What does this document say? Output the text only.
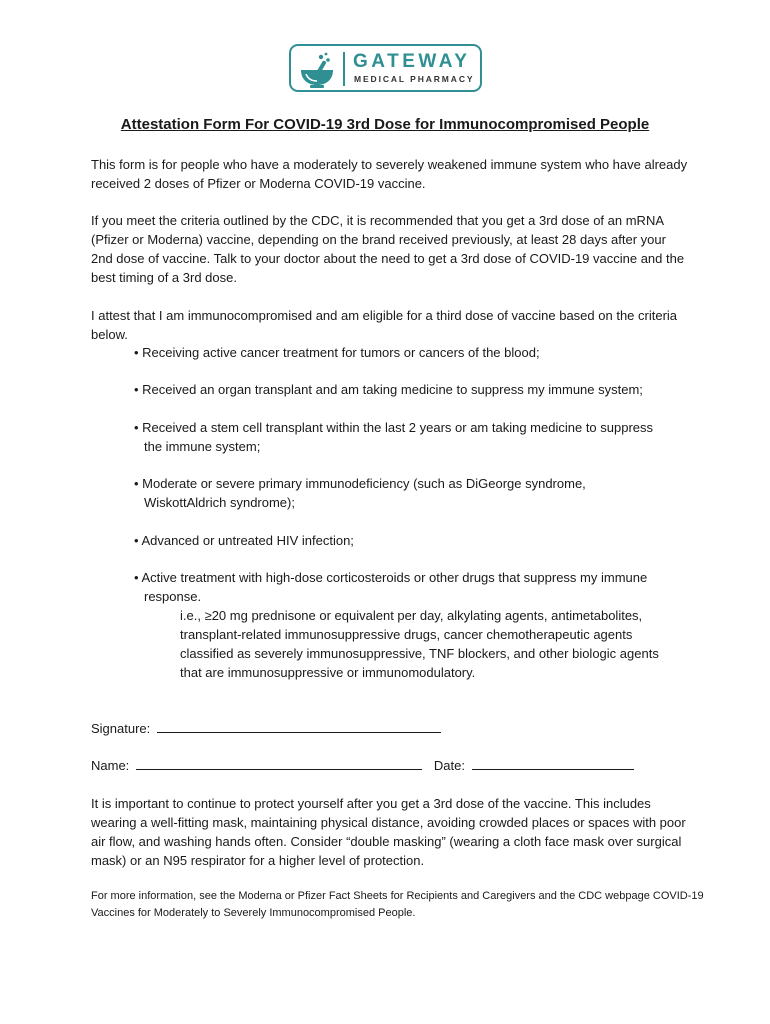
GATEWAY
MEDICAL PHARMACY
Attestation Form For COVID-19 3rd Dose for Immunocompromised People

This form is for people who have a moderately to severely weakened immune system who have already received 2 doses of Pfizer or Moderna COVID-19 vaccine.

If you meet the criteria outlined by the CDC, it is recommended that you get a 3rd dose of an mRNA (Pfizer or Moderna) vaccine, depending on the brand received previously, at least 28 days after your 2nd dose of vaccine. Talk to your doctor about the need to get a 3rd dose of COVID-19 vaccine and the best timing of a 3rd dose.

I attest that I am immunocompromised and am eligible for a third dose of vaccine based on the criteria below.

• Receiving active cancer treatment for tumors or cancers of the blood;

• Received an organ transplant and am taking medicine to suppress my immune system;

• Received a stem cell transplant within the last 2 years or am taking medicine to suppress the immune system;

• Moderate or severe primary immunodeficiency (such as DiGeorge syndrome, WiskottAldrich syndrome);

• Advanced or untreated HIV infection;

• Active treatment with high-dose corticosteroids or other drugs that suppress my immune response.

i.e., ≥20 mg prednisone or equivalent per day, alkylating agents, antimetabolites, transplant-related immunosuppressive drugs, cancer chemotherapeutic agents classified as severely immunosuppressive, TNF blockers, and other biologic agents that are immunosuppressive or immunomodulatory.

Signature:
Name:	Date:

It is important to continue to protect yourself after you get a 3rd dose of the vaccine. This includes wearing a well-fitting mask, maintaining physical distance, avoiding crowded places or spaces with poor air flow, and washing hands often. Consider “double masking” (wearing a cloth face mask over surgical mask) or an N95 respirator for a higher level of protection.

For more information, see the Moderna or Pfizer Fact Sheets for Recipients and Caregivers and the CDC webpage COVID-19 Vaccines for Moderately to Severely Immunocompromised People.
